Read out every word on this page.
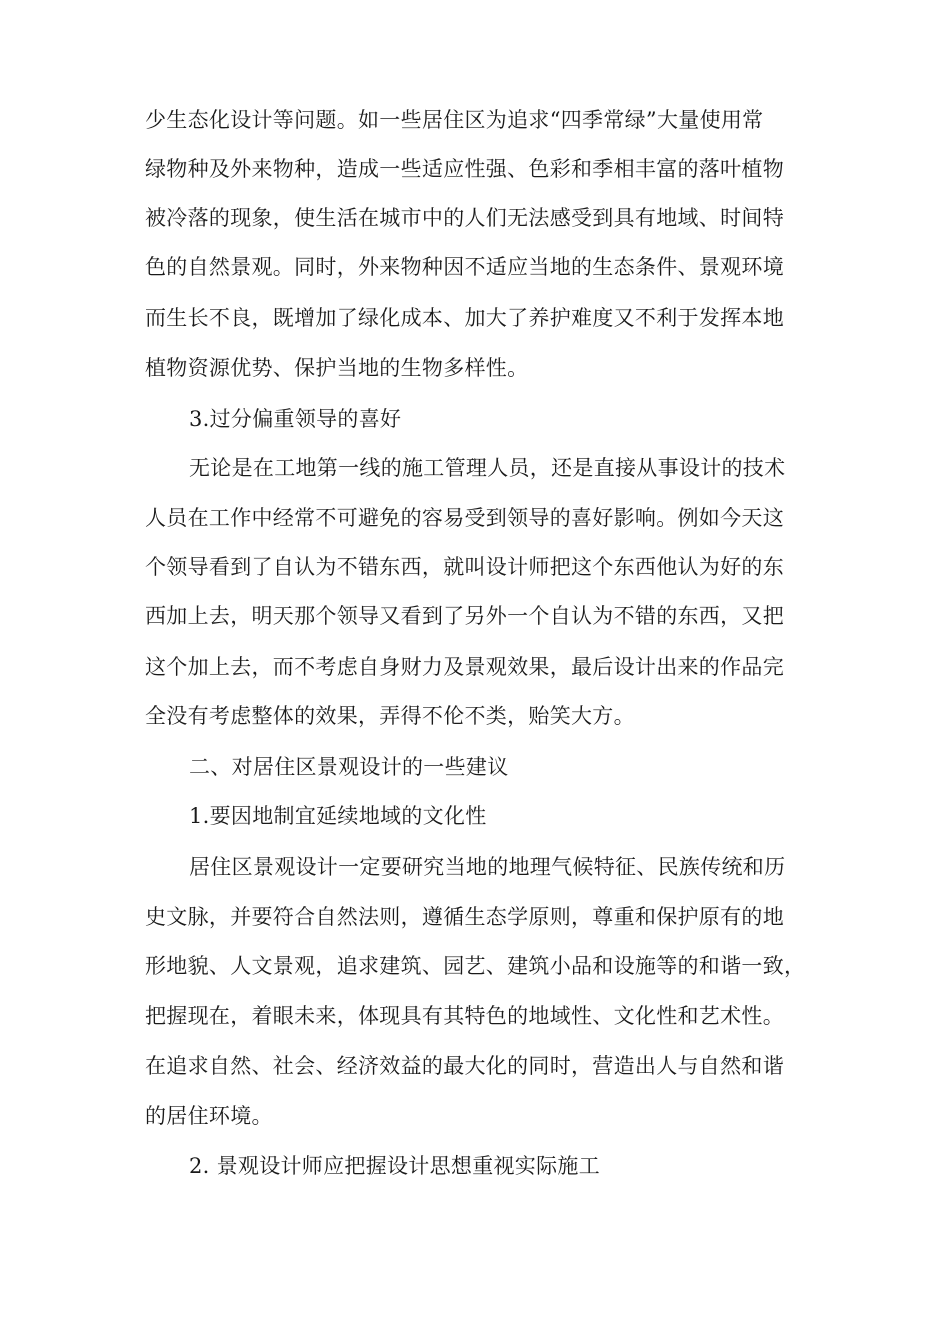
少生态化设计等问题。如一些居住区为追求“四季常绿”大量使用常
绿物种及外来物种，造成一些适应性强、色彩和季相丰富的落叶植物
被冷落的现象，使生活在城市中的人们无法感受到具有地域、时间特
色的自然景观。同时，外来物种因不适应当地的生态条件、景观环境
而生长不良，既增加了绿化成本、加大了养护难度又不利于发挥本地
植物资源优势、保护当地的生物多样性。
3.过分偏重领导的喜好
无论是在工地第一线的施工管理人员，还是直接从事设计的技术
人员在工作中经常不可避免的容易受到领导的喜好影响。例如今天这
个领导看到了自认为不错东西，就叫设计师把这个东西他认为好的东
西加上去，明天那个领导又看到了另外一个自认为不错的东西，又把
这个加上去，而不考虑自身财力及景观效果，最后设计出来的作品完
全没有考虑整体的效果，弄得不伦不类，贻笑大方。
二、对居住区景观设计的一些建议
1.要因地制宜延续地域的文化性
居住区景观设计一定要研究当地的地理气候特征、民族传统和历
史文脉，并要符合自然法则，遵循生态学原则，尊重和保护原有的地
形地貌、人文景观，追求建筑、园艺、建筑小品和设施等的和谐一致，
把握现在，着眼未来，体现具有其特色的地域性、文化性和艺术性。
在追求自然、社会、经济效益的最大化的同时，营造出人与自然和谐
的居住环境。
2. 景观设计师应把握设计思想重视实际施工
